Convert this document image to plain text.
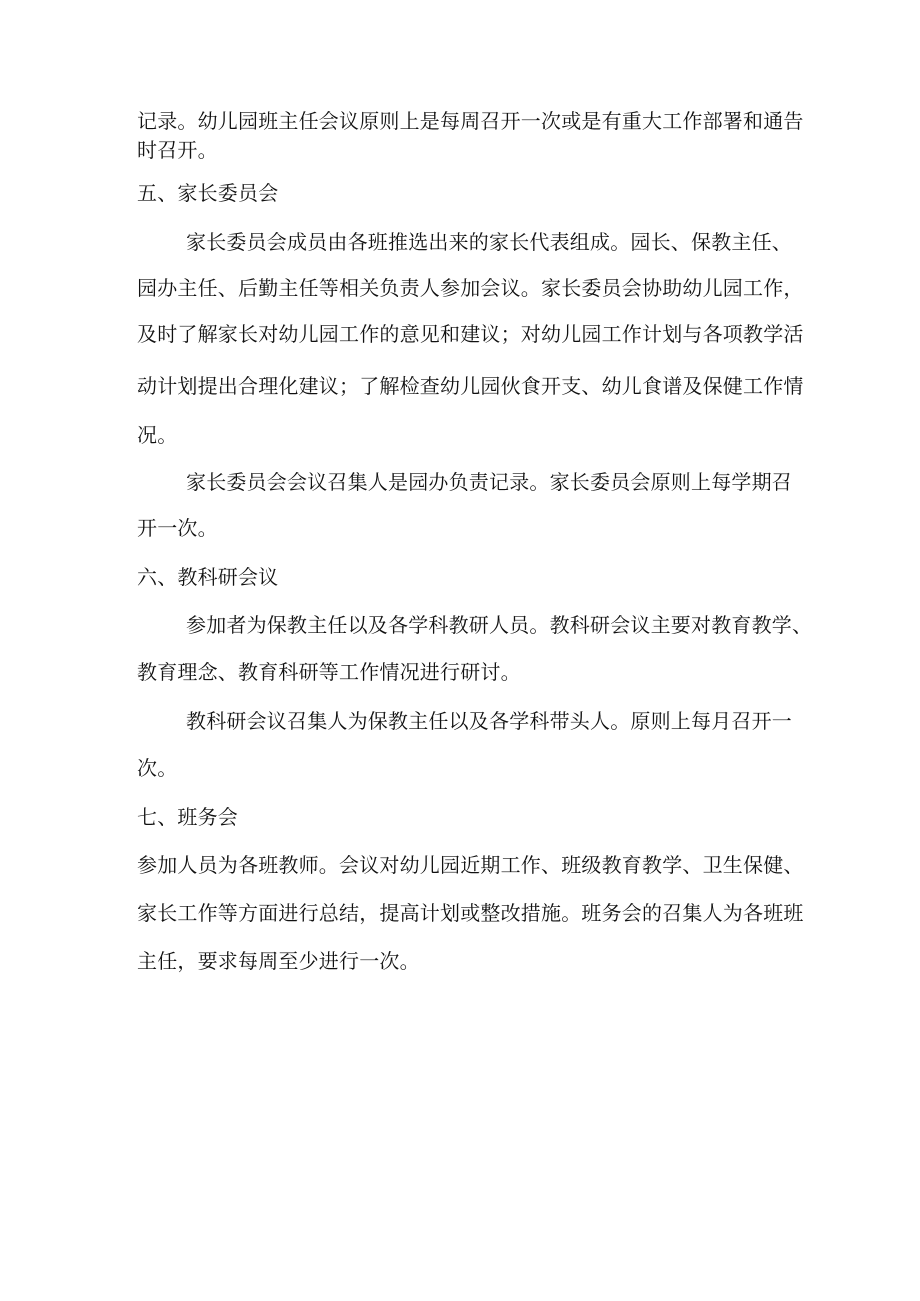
记录。幼儿园班主任会议原则上是每周召开一次或是有重大工作部署和通告
时召开。
五、家长委员会
家长委员会成员由各班推选出来的家长代表组成。园长、保教主任、
园办主任、后勤主任等相关负责人参加会议。家长委员会协助幼儿园工作，
及时了解家长对幼儿园工作的意见和建议；对幼儿园工作计划与各项教学活
动计划提出合理化建议；了解检查幼儿园伙食开支、幼儿食谱及保健工作情
况。
家长委员会会议召集人是园办负责记录。家长委员会原则上每学期召
开一次。
六、教科研会议
参加者为保教主任以及各学科教研人员。教科研会议主要对教育教学、
教育理念、教育科研等工作情况进行研讨。
教科研会议召集人为保教主任以及各学科带头人。原则上每月召开一
次。
七、班务会
参加人员为各班教师。会议对幼儿园近期工作、班级教育教学、卫生保健、
家长工作等方面进行总结，提高计划或整改措施。班务会的召集人为各班班
主任，要求每周至少进行一次。
